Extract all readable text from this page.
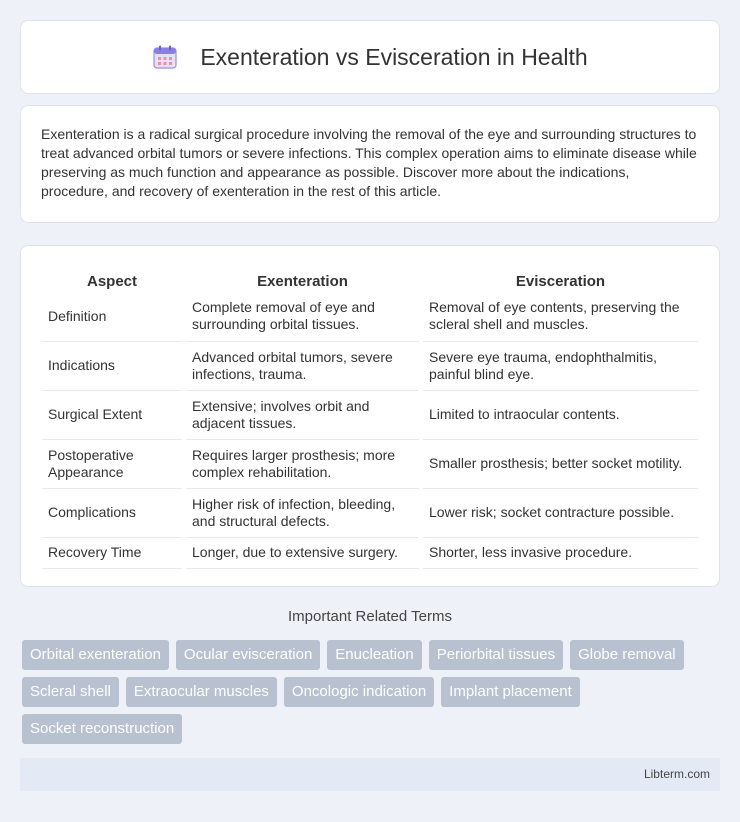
Exenteration vs Evisceration in Health

Exenteration is a radical surgical procedure involving the removal of the eye and surrounding structures to treat advanced orbital tumors or severe infections. This complex operation aims to eliminate disease while preserving as much function and appearance as possible. Discover more about the indications, procedure, and recovery of exenteration in the rest of this article.

Aspect		Exenteration		Evisceration
Definition		Complete removal of eye and surrounding orbital tissues.		Removal of eye contents, preserving the scleral shell and muscles.
Indications		Advanced orbital tumors, severe infections, trauma.		Severe eye trauma, endophthalmitis, painful blind eye.
Surgical Extent		Extensive; involves orbit and adjacent tissues.		Limited to intraocular contents.
Postoperative Appearance		Requires larger prosthesis; more complex rehabilitation.		Smaller prosthesis; better socket motility.
Complications		Higher risk of infection, bleeding, and structural defects.		Lower risk; socket contracture possible.
Recovery Time		Longer, due to extensive surgery.		Shorter, less invasive procedure.
Important Related Terms
Orbital exenteration	Ocular evisceration	Enucleation	Periorbital tissues	Globe removal
Scleral shell	Extraocular muscles	Oncologic indication	Implant placement
Socket reconstruction
Libterm.com
